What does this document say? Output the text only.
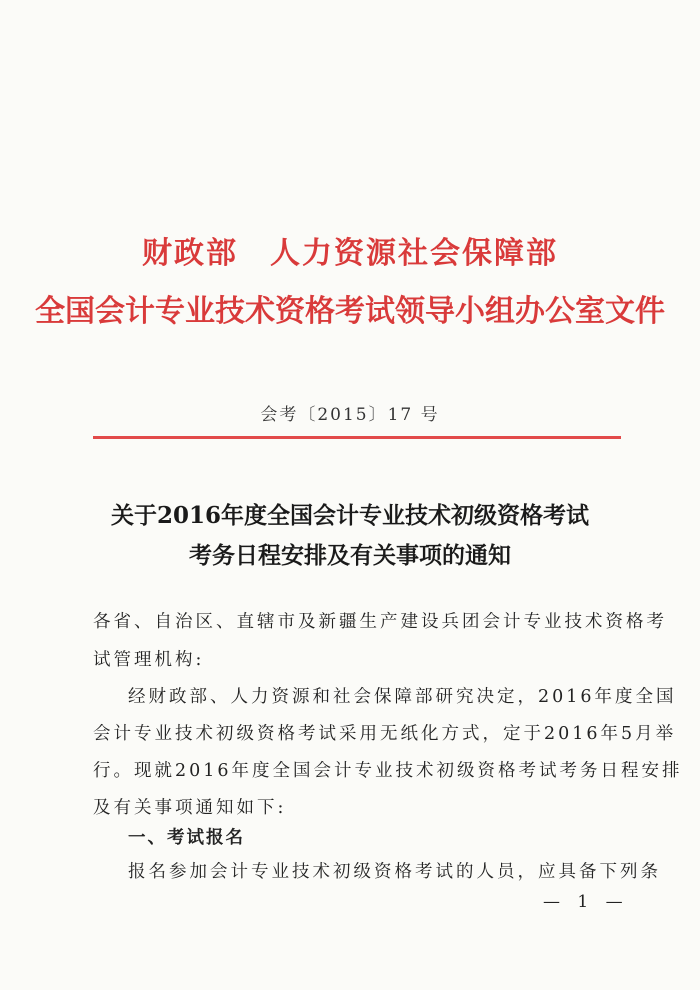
财政部　人力资源社会保障部
全国会计专业技术资格考试领导小组办公室文件
会考〔2015〕17 号
关于2016年度全国会计专业技术初级资格考试
考务日程安排及有关事项的通知
各省、自治区、直辖市及新疆生产建设兵团会计专业技术资格考
试管理机构:
经财政部、人力资源和社会保障部研究决定，2016年度全国
会计专业技术初级资格考试采用无纸化方式，定于2016年5月举
行。现就2016年度全国会计专业技术初级资格考试考务日程安排
及有关事项通知如下:
一、考试报名
报名参加会计专业技术初级资格考试的人员，应具备下列条
— 1 —
